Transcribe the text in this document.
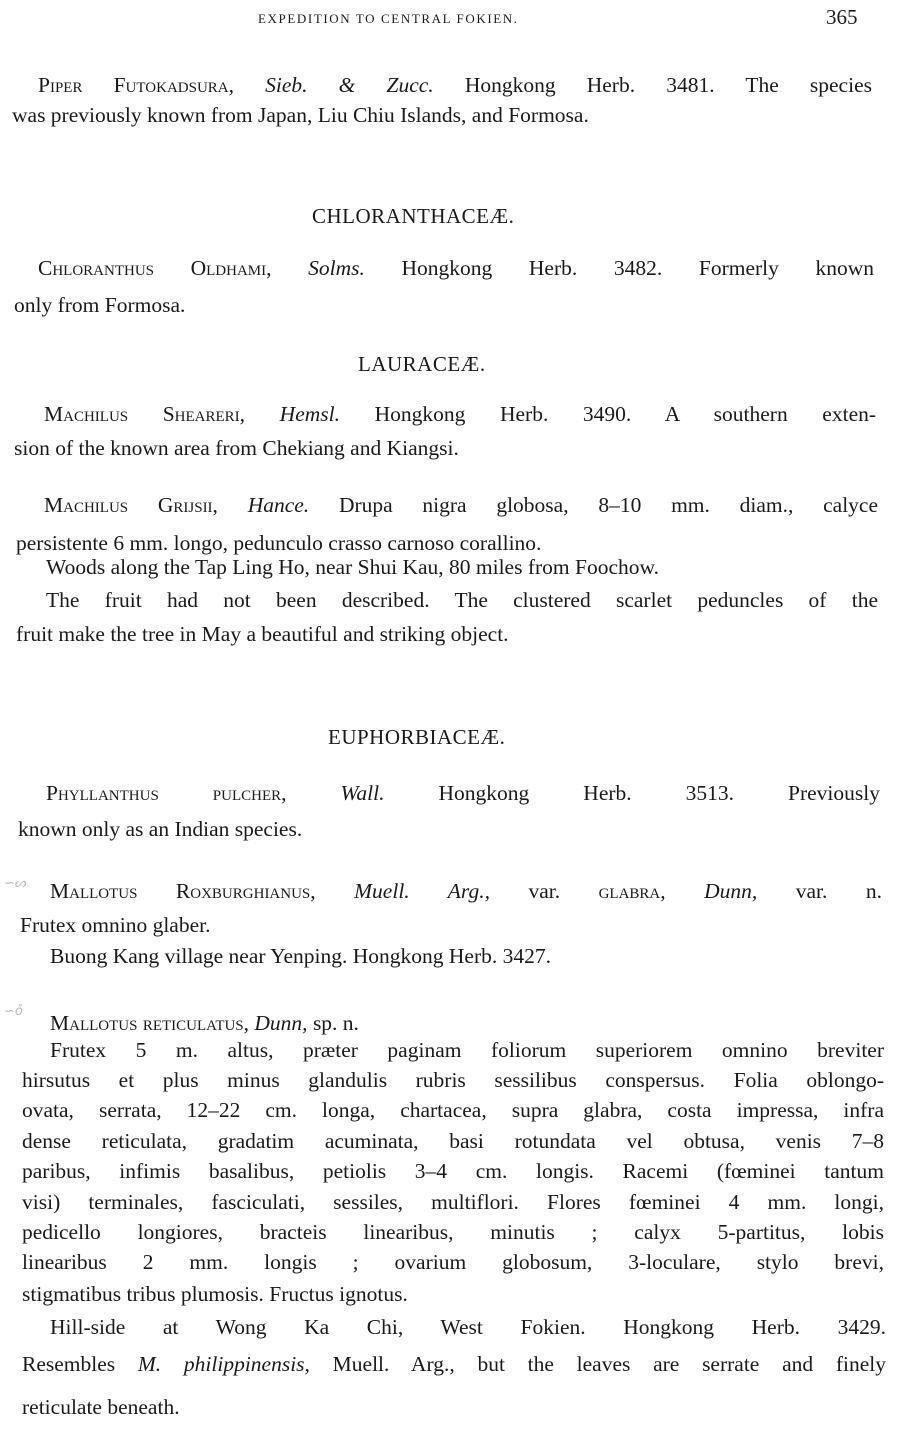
EXPEDITION TO CENTRAL FOKIEN.	365
Piper Futokadsura, Sieb. & Zucc. Hongkong Herb. 3481. The species
was previously known from Japan, Liu Chiu Islands, and Formosa.
CHLORANTHACEÆ.
Chloranthus Oldhami, Solms. Hongkong Herb. 3482. Formerly known
only from Formosa.
LAURACEÆ.
Machilus Sheareri, Hemsl. Hongkong Herb. 3490. A southern exten-
sion of the known area from Chekiang and Kiangsi.
Machilus Grijsii, Hance. Drupa nigra globosa, 8–10 mm. diam., calyce
persistente 6 mm. longo, pedunculo crasso carnoso corallino.
Woods along the Tap Ling Ho, near Shui Kau, 80 miles from Foochow.
The fruit had not been described. The clustered scarlet peduncles of the
fruit make the tree in May a beautiful and striking object.
EUPHORBIACEÆ.
Phyllanthus pulcher,	Wall.	Hongkong Herb. 3513. Previously
known only as an Indian species.
∽ᔕ
∽ǒ
Mallotus Roxburghianus, Muell. Arg., var. glabra, Dunn, var. n.
Frutex omnino glaber.
Buong Kang village near Yenping. Hongkong Herb. 3427.
Mallotus reticulatus, Dunn, sp. n.
Frutex 5 m. altus, præter paginam foliorum superiorem omnino breviter
hirsutus et plus minus glandulis rubris sessilibus conspersus. Folia oblongo-
ovata, serrata, 12–22 cm. longa, chartacea, supra glabra, costa impressa, infra
dense reticulata, gradatim acuminata, basi rotundata vel obtusa, venis 7–8
paribus, infimis basalibus, petiolis 3–4 cm. longis. Racemi (fœminei tantum
visi) terminales, fasciculati, sessiles, multiflori. Flores fœminei 4 mm. longi,
pedicello longiores, bracteis linearibus, minutis ; calyx 5-partitus, lobis
linearibus 2 mm. longis ; ovarium globosum, 3-loculare, stylo brevi,
stigmatibus tribus plumosis. Fructus ignotus.
Hill-side at Wong Ka Chi, West Fokien. Hongkong Herb. 3429.
Resembles M. philippinensis, Muell. Arg., but the leaves are serrate and finely
reticulate beneath.
